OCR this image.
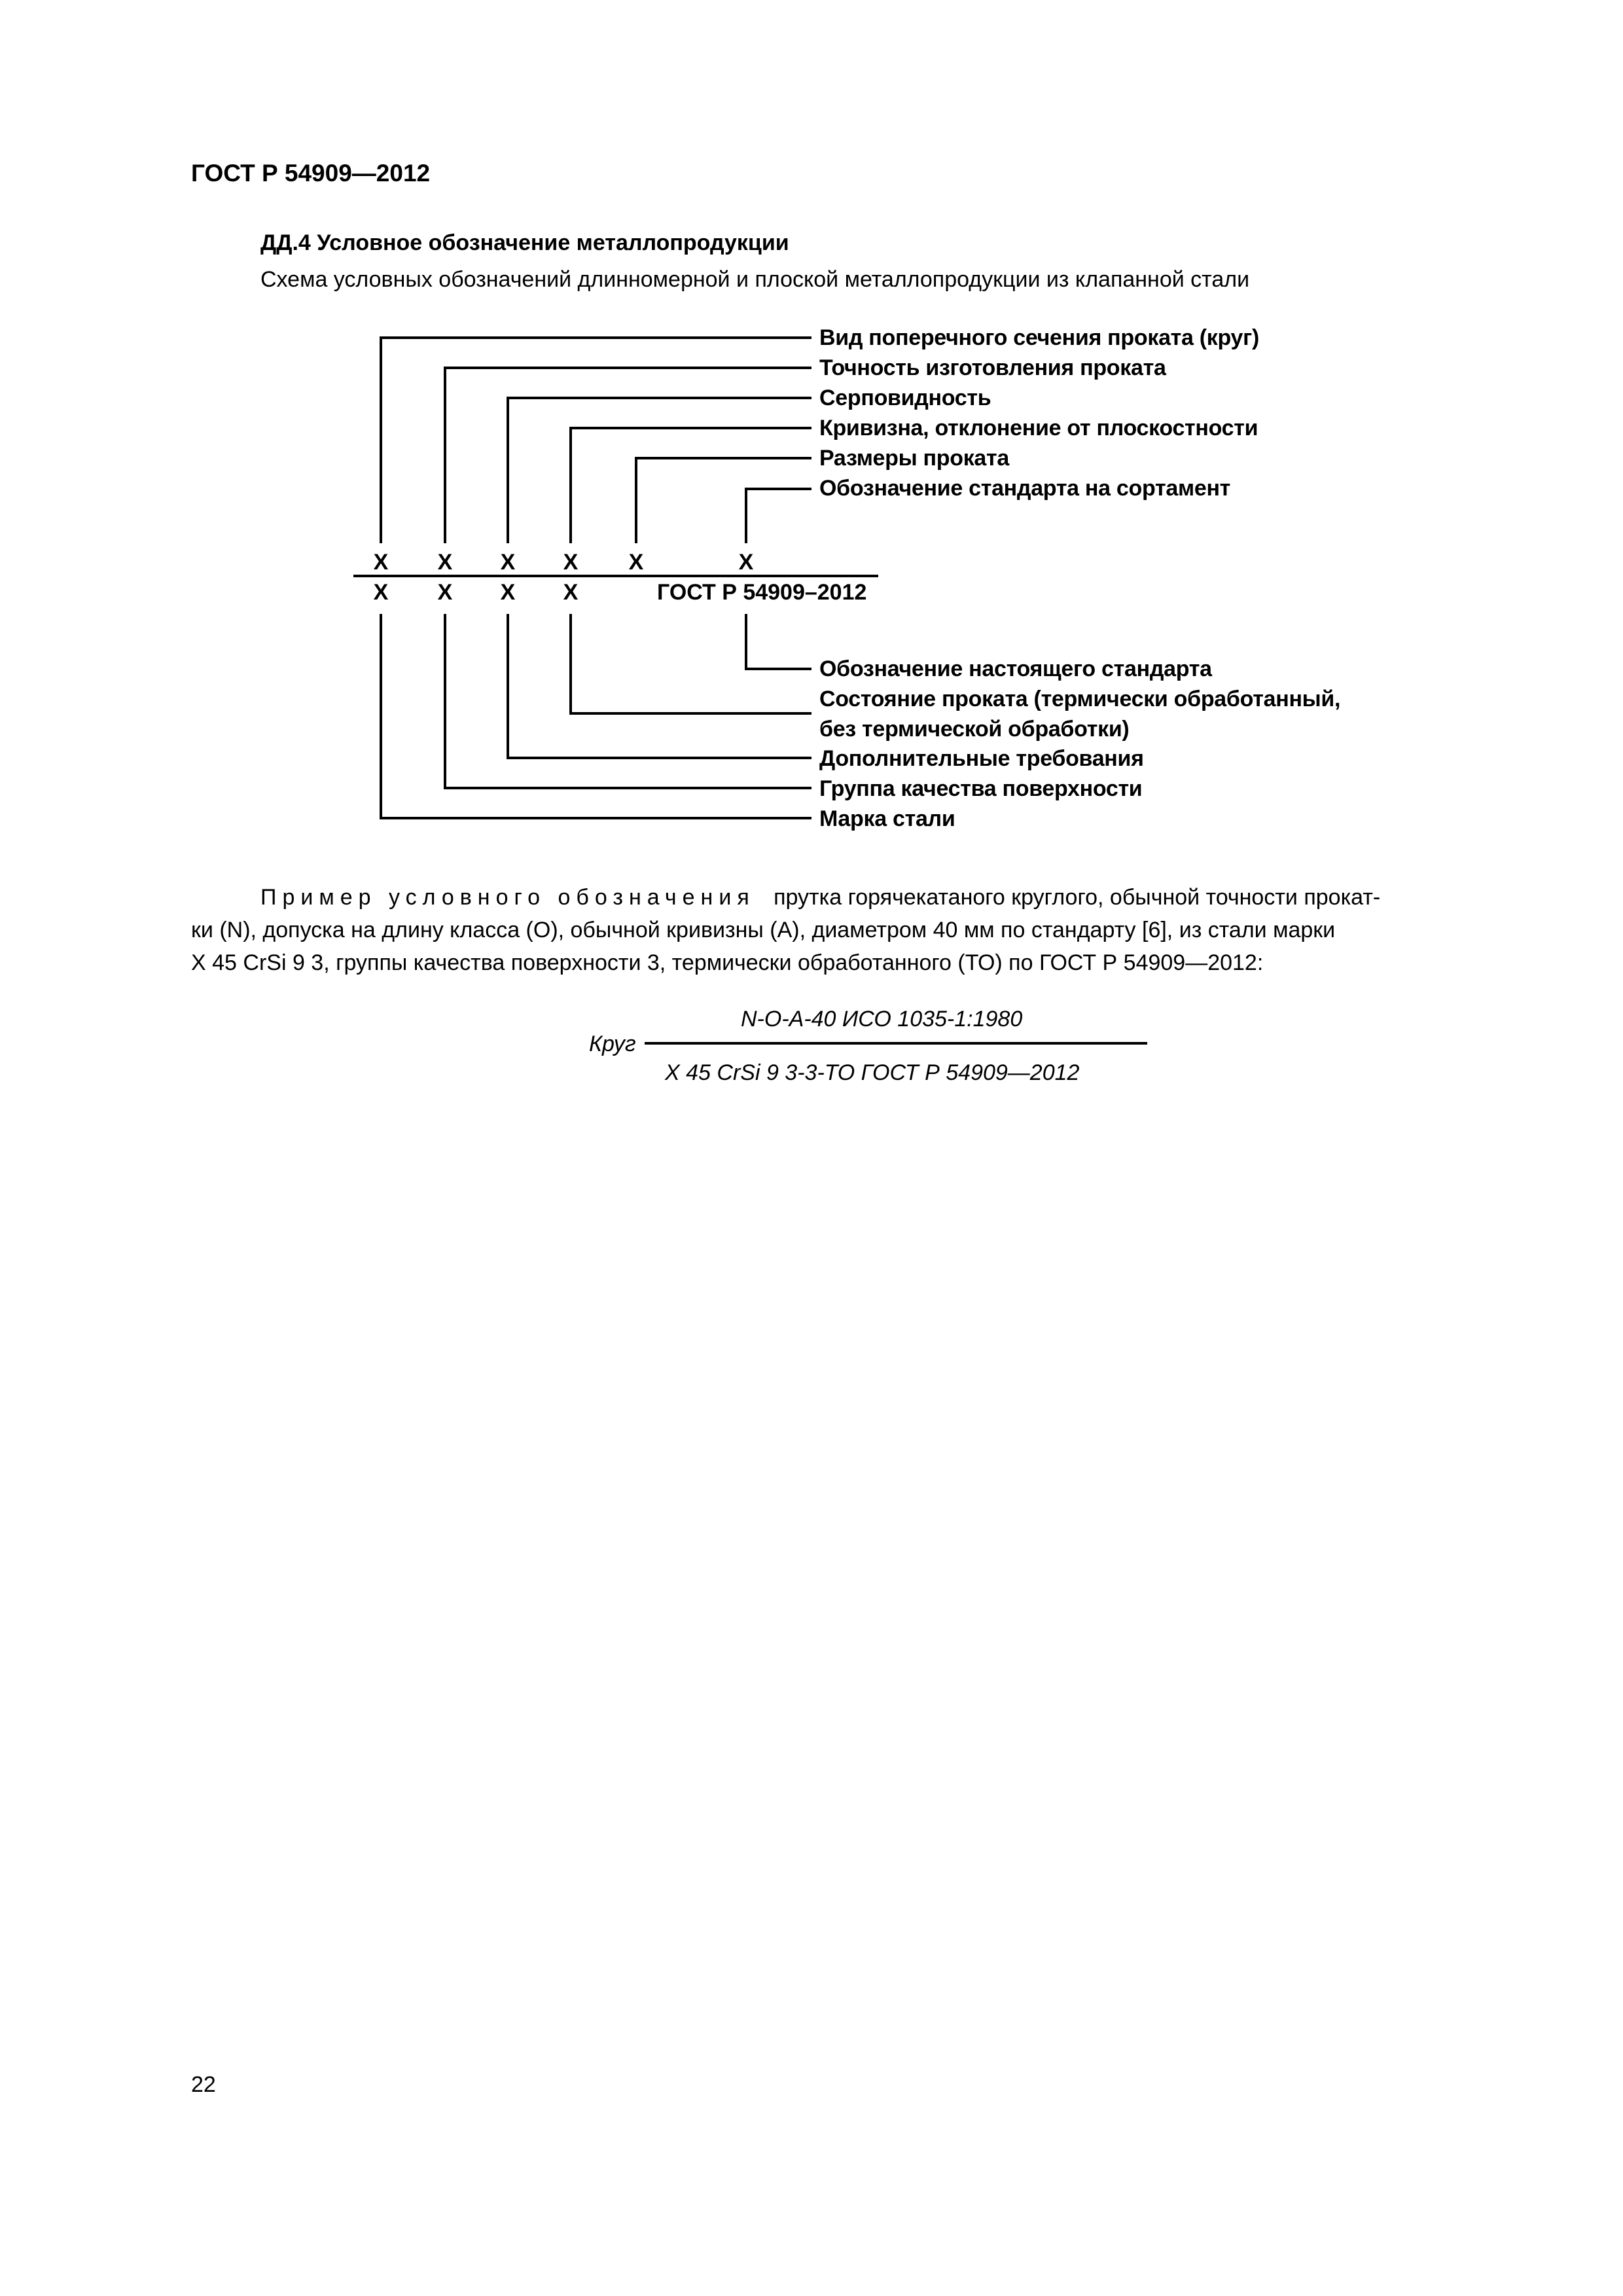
ГОСТ Р 54909—2012
ДД.4 Условное обозначение металлопродукции
Схема условных обозначений длинномерной и плоской металлопродукции из клапанной стали
Вид поперечного сечения проката (круг)
Точность изготовления проката
Серповидность
Кривизна, отклонение от плоскостности
Размеры проката
Обозначение стандарта на сортамент
X X X X X	X
X X X X	ГОСТ Р 54909–2012
Обозначение настоящего стандарта
Состояние проката (термически обработанный,
без термической обработки)
Дополнительные требования
Группа качества поверхности
Марка стали

Пример условного обозначения прутка горячекатаного круглого, обычной точности прокат-

ки (N), допуска на длину класса (O), обычной кривизны (A), диаметром 40 мм по стандарту [6], из стали марки

X 45 CrSi 9 3, группы качества поверхности 3, термически обработанного (ТО) по ГОСТ Р 54909—2012:

N-O-A-40 ИСО 1035-1:1980
Круг
X 45 CrSi 9 3-3-ТО ГОСТ Р 54909—2012
22
